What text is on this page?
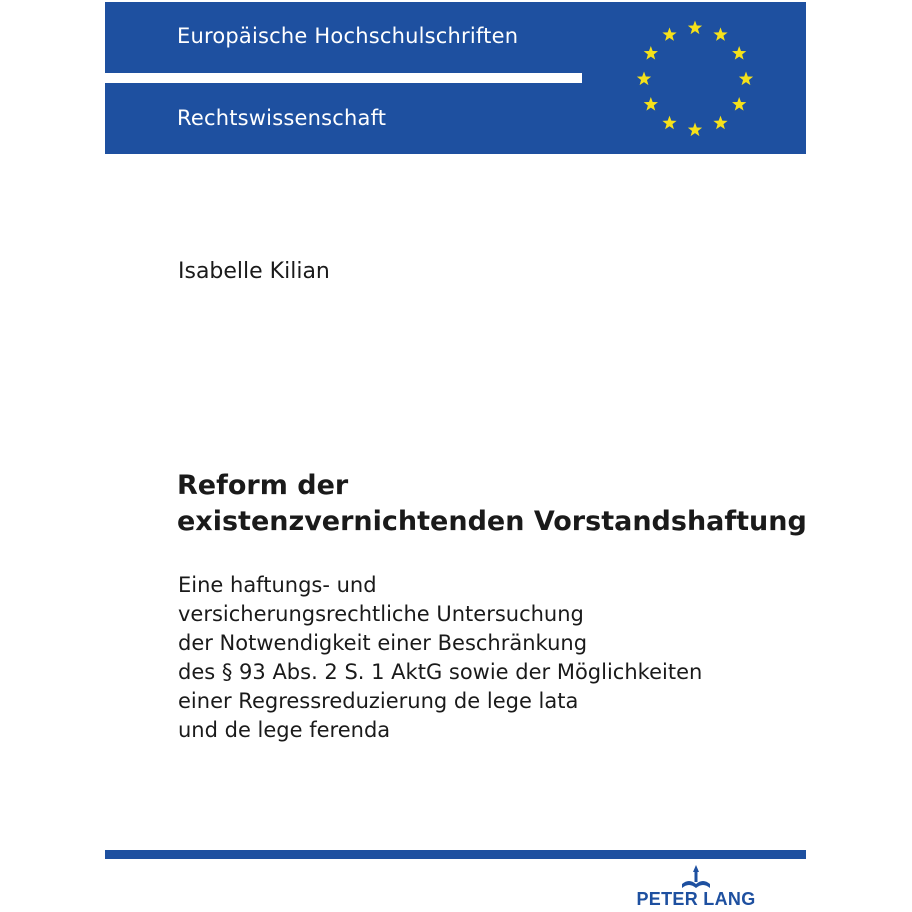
Europäische Hochschulschriften
Rechtswissenschaft
Isabelle Kilian
Reform der
existenzvernichtenden Vorstandshaftung
Eine haftungs- und
versicherungsrechtliche Untersuchung
der Notwendigkeit einer Beschränkung
des § 93 Abs. 2 S. 1 AktG sowie der Möglichkeiten
einer Regressreduzierung de lege lata
und de lege ferenda
PETER LANG
